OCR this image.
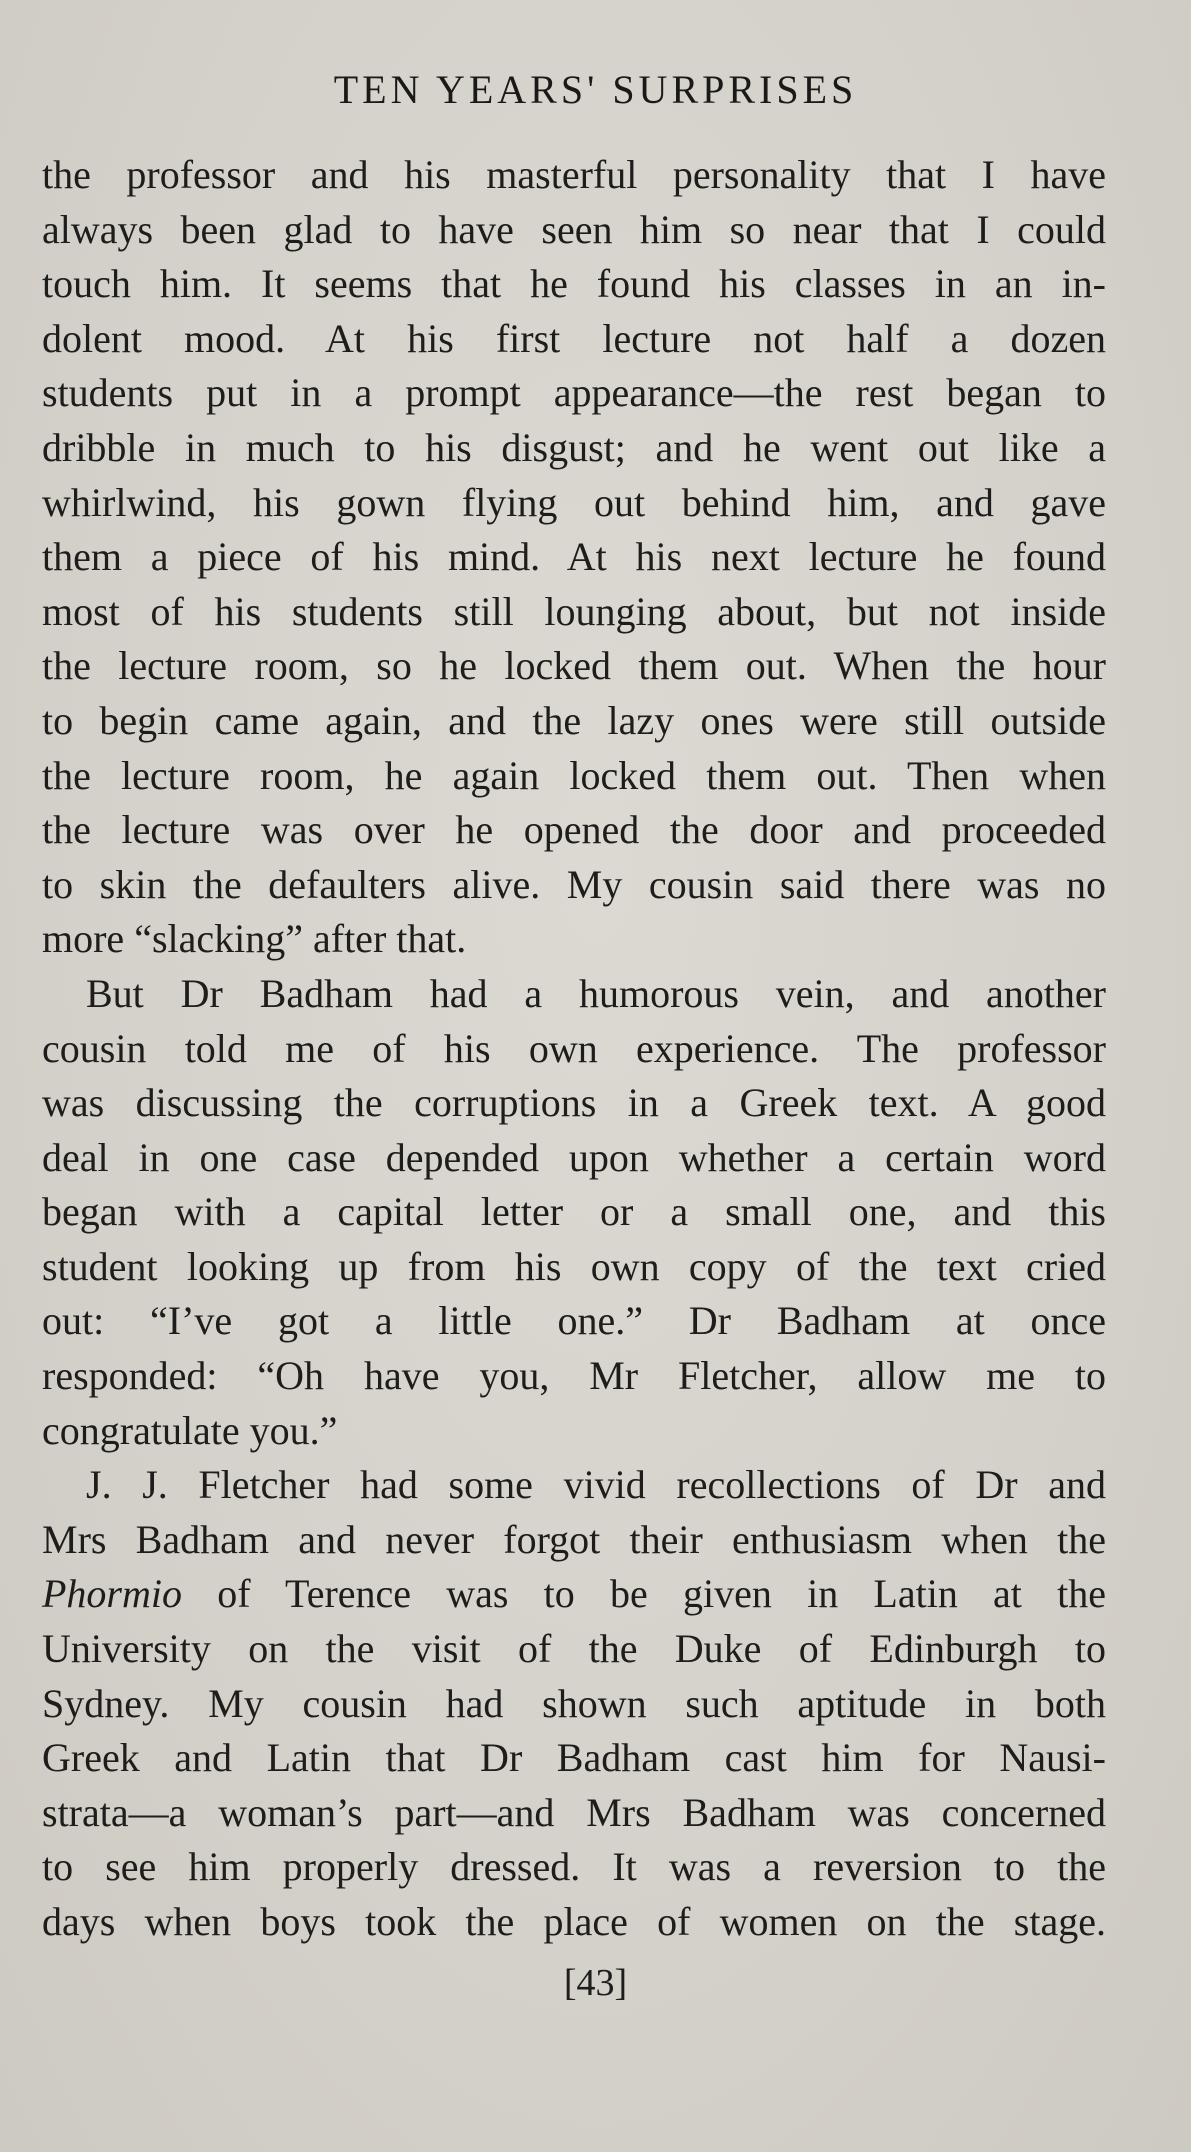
TEN YEARS' SURPRISES
the professor and his masterful personality that I have
always been glad to have seen him so near that I could
touch him. It seems that he found his classes in an in-
dolent mood. At his first lecture not half a dozen
students put in a prompt appearance—the rest began to
dribble in much to his disgust; and he went out like a
whirlwind, his gown flying out behind him, and gave
them a piece of his mind. At his next lecture he found
most of his students still lounging about, but not inside
the lecture room, so he locked them out. When the hour
to begin came again, and the lazy ones were still outside
the lecture room, he again locked them out. Then when
the lecture was over he opened the door and proceeded
to skin the defaulters alive. My cousin said there was no
more “slacking” after that.
But Dr Badham had a humorous vein, and another
cousin told me of his own experience. The professor
was discussing the corruptions in a Greek text. A good
deal in one case depended upon whether a certain word
began with a capital letter or a small one, and this
student looking up from his own copy of the text cried
out: “I’ve got a little one.” Dr Badham at once
responded: “Oh have you, Mr Fletcher, allow me to
congratulate you.”
J. J. Fletcher had some vivid recollections of Dr and
Mrs Badham and never forgot their enthusiasm when the
Phormio of Terence was to be given in Latin at the
University on the visit of the Duke of Edinburgh to
Sydney. My cousin had shown such aptitude in both
Greek and Latin that Dr Badham cast him for Nausi-
strata—a woman’s part—and Mrs Badham was concerned
to see him properly dressed. It was a reversion to the
days when boys took the place of women on the stage.
[43]
